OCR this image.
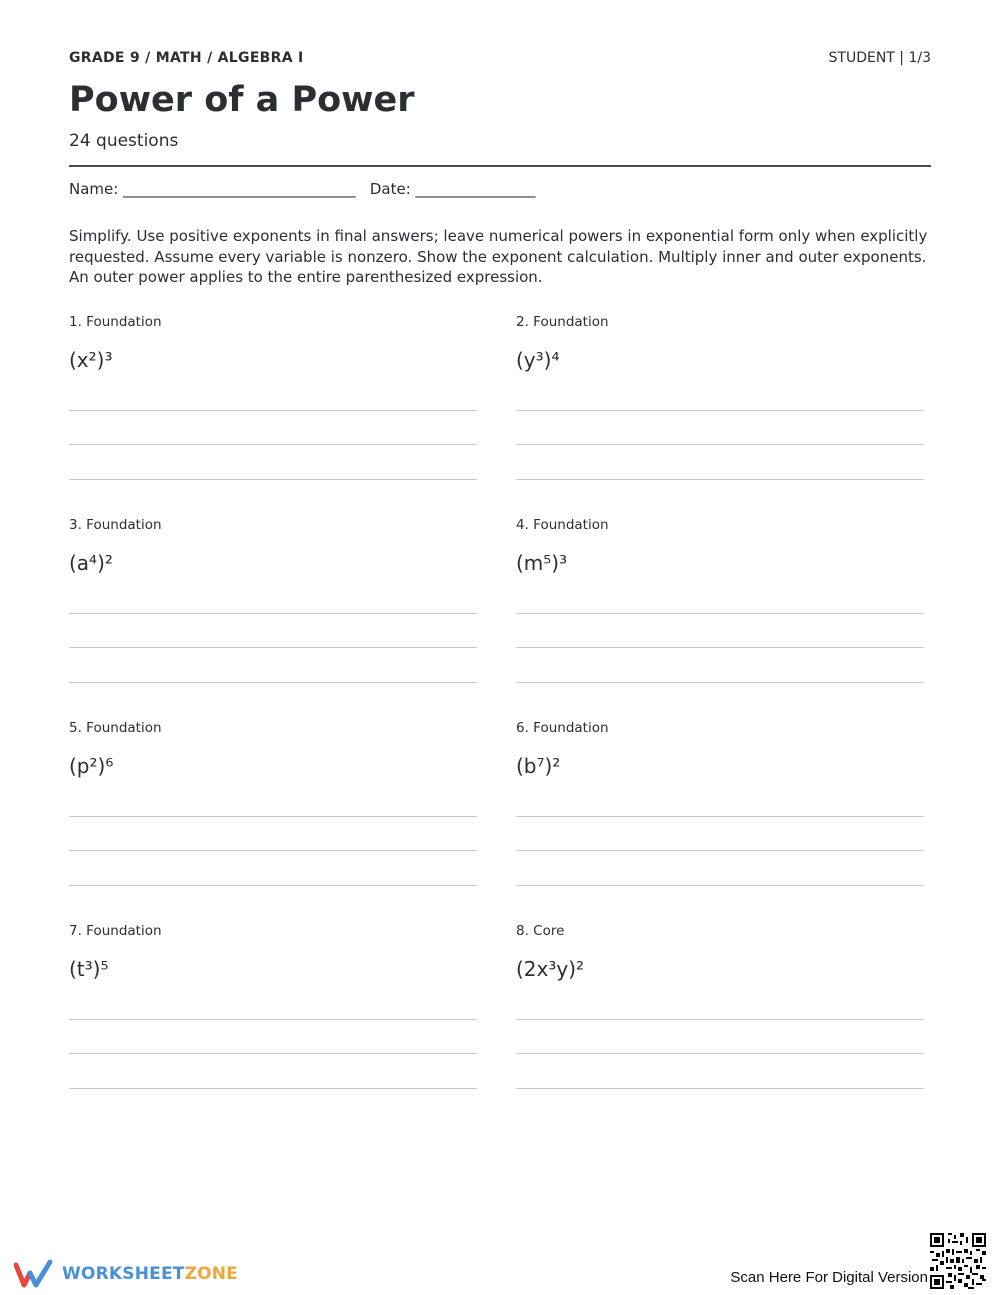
GRADE 9 / MATH / ALGEBRA I	STUDENT | 1/3
Power of a Power
24 questions
Name: _______________________________   Date: ________________
Simplify. Use positive exponents in final answers; leave numerical powers in exponential form only when explicitly requested. Assume every variable is nonzero. Show the exponent calculation. Multiply inner and outer exponents. An outer power applies to the entire parenthesized expression.
1. Foundation
(x²)³
2. Foundation
(y³)⁴
3. Foundation
(a⁴)²
4. Foundation
(m⁵)³
5. Foundation
(p²)⁶
6. Foundation
(b⁷)²
7. Foundation
(t³)⁵
8. Core
(2x³y)²
WORKSHEETZONE	Scan Here For Digital Version
